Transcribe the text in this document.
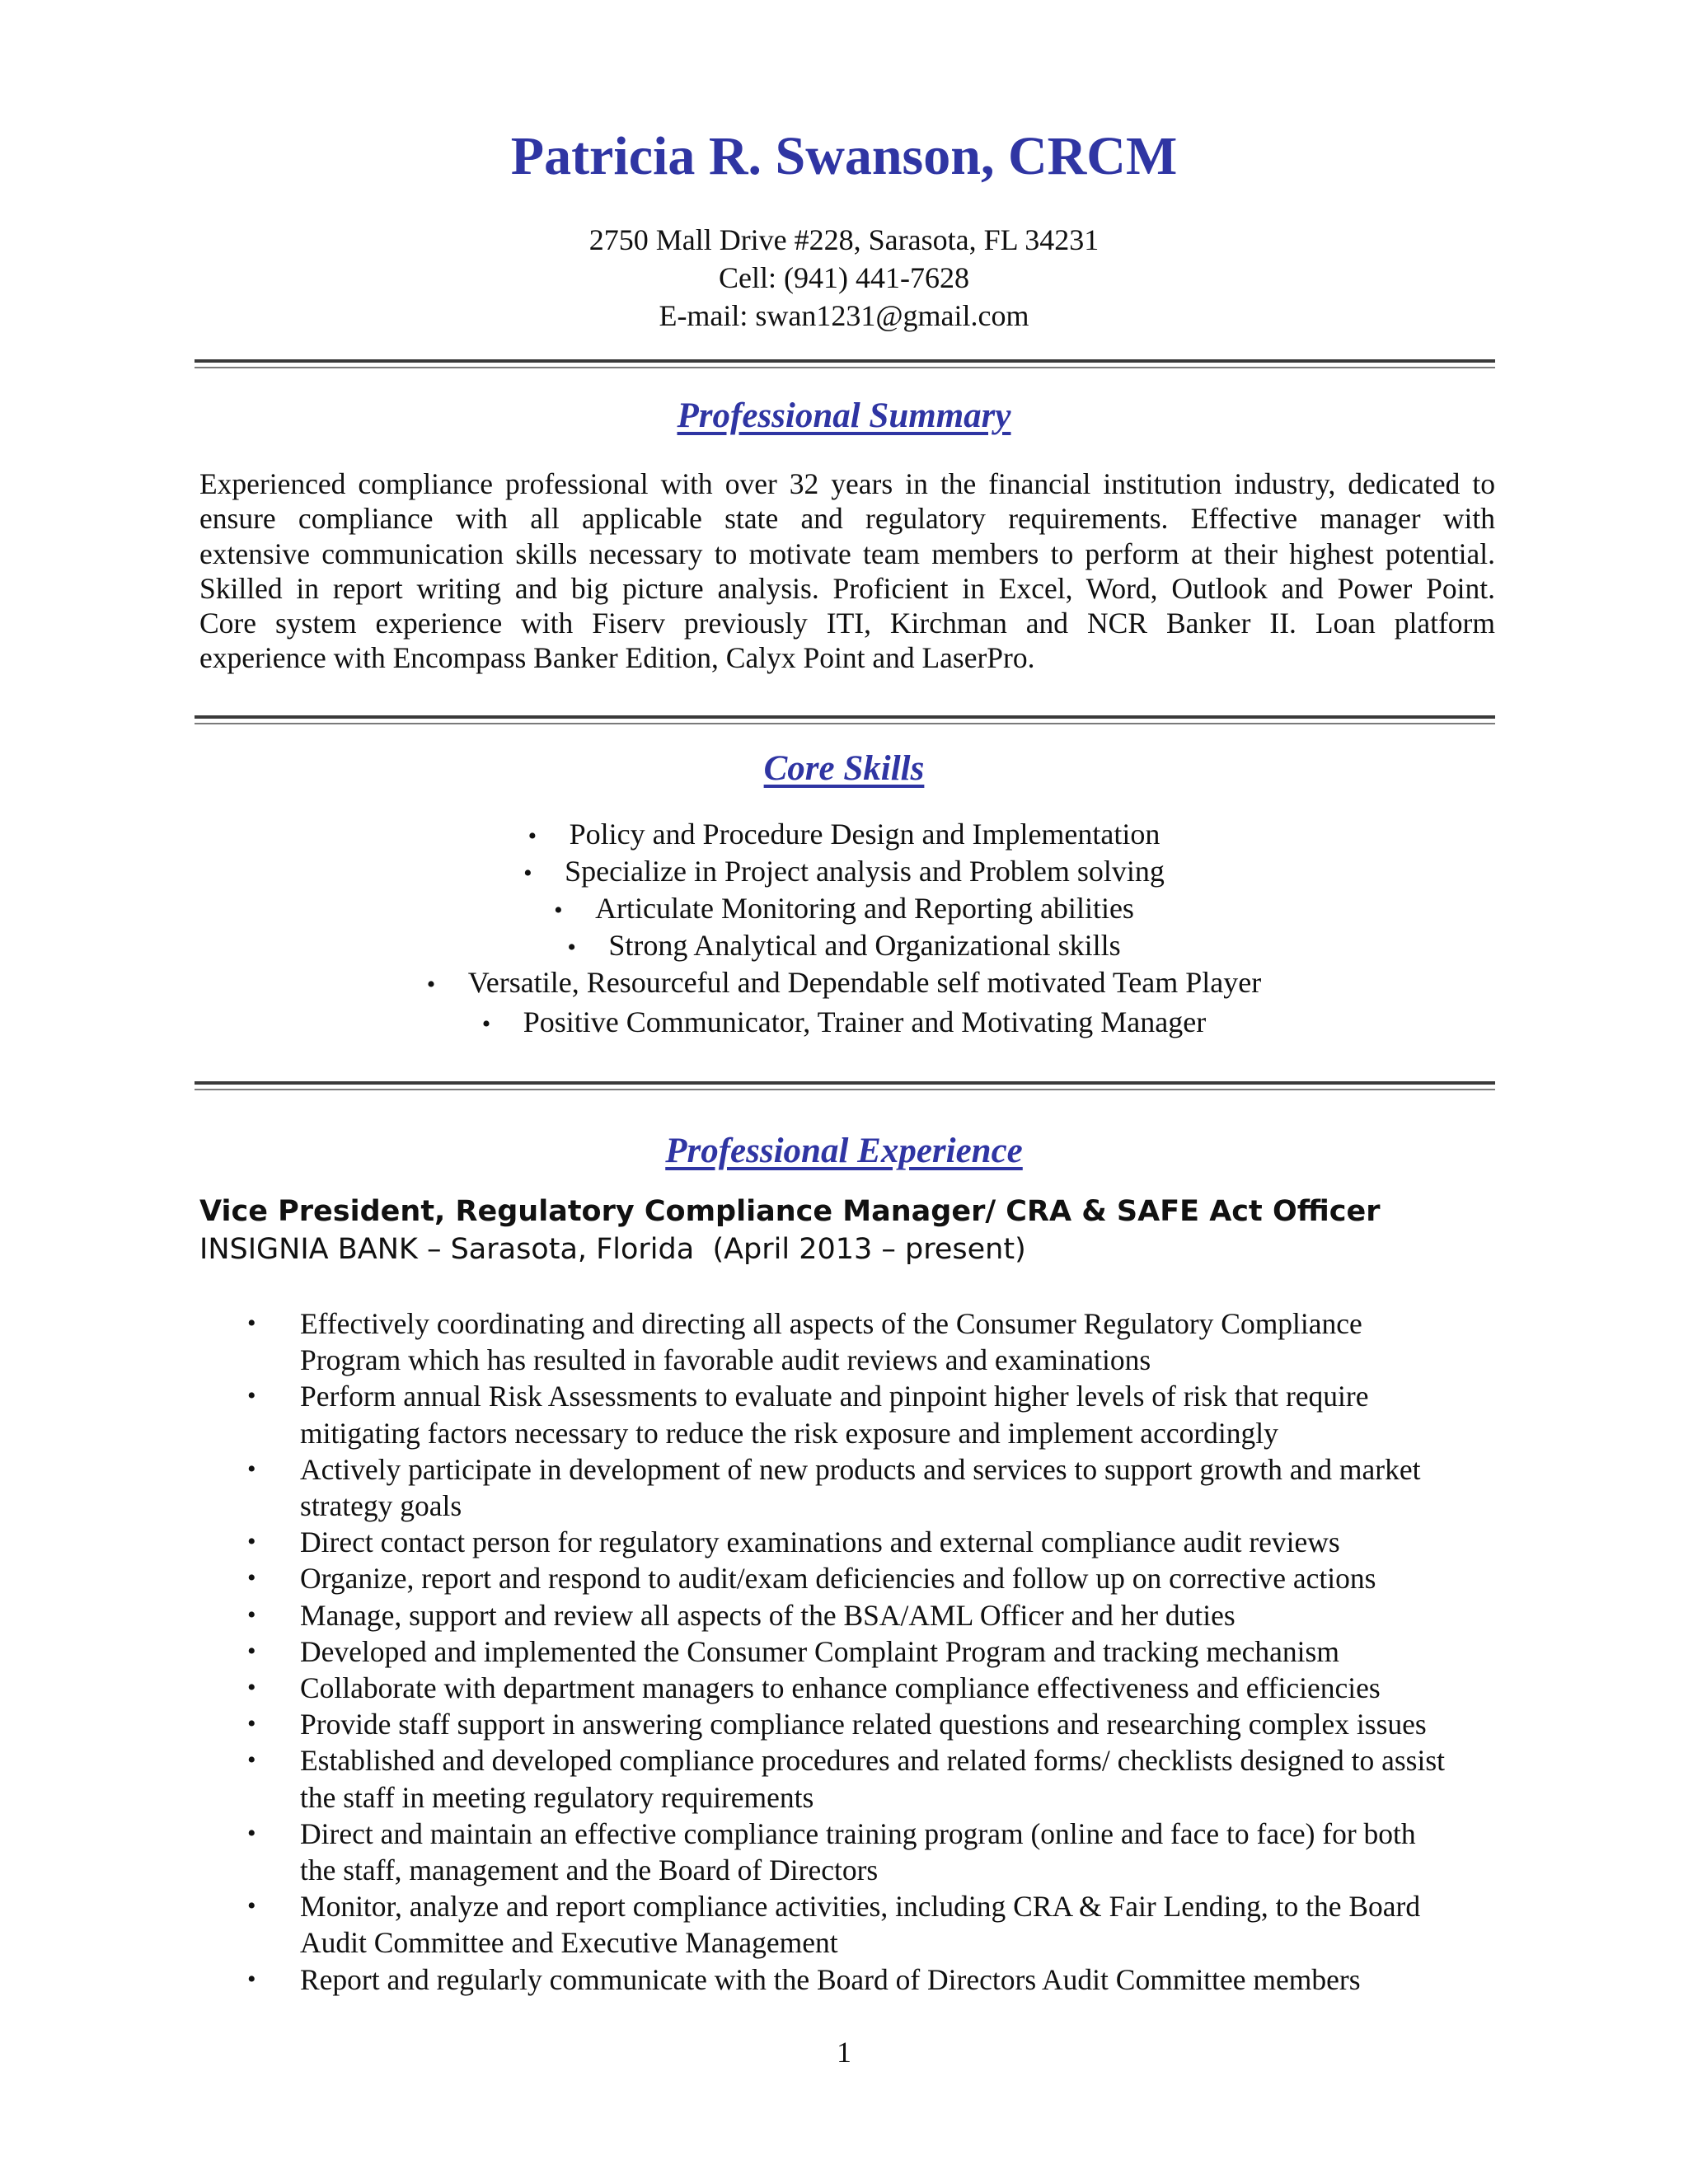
Patricia R. Swanson, CRCM
2750 Mall Drive #228, Sarasota, FL 34231
Cell: (941) 441-7628
E-mail: swan1231@gmail.com
Professional Summary
Experienced compliance professional with over 32 years in the financial institution industry, dedicated to
ensure compliance with all applicable state and regulatory requirements. Effective manager with
extensive communication skills necessary to motivate team members to perform at their highest potential.
Skilled in report writing and big picture analysis. Proficient in Excel, Word, Outlook and Power Point.
Core system experience with Fiserv previously ITI, Kirchman and NCR Banker II. Loan platform
experience with Encompass Banker Edition, Calyx Point and LaserPro.
Core Skills
• Policy and Procedure Design and Implementation
• Specialize in Project analysis and Problem solving
• Articulate Monitoring and Reporting abilities
• Strong Analytical and Organizational skills
• Versatile, Resourceful and Dependable self motivated Team Player
• Positive Communicator, Trainer and Motivating Manager
Professional Experience
Vice President, Regulatory Compliance Manager/ CRA & SAFE Act Officer
INSIGNIA BANK – Sarasota, Florida  (April 2013 – present)
• Effectively coordinating and directing all aspects of the Consumer Regulatory Compliance
Program which has resulted in favorable audit reviews and examinations
• Perform annual Risk Assessments to evaluate and pinpoint higher levels of risk that require
mitigating factors necessary to reduce the risk exposure and implement accordingly
• Actively participate in development of new products and services to support growth and market
strategy goals
• Direct contact person for regulatory examinations and external compliance audit reviews
• Organize, report and respond to audit/exam deficiencies and follow up on corrective actions
• Manage, support and review all aspects of the BSA/AML Officer and her duties
• Developed and implemented the Consumer Complaint Program and tracking mechanism
• Collaborate with department managers to enhance compliance effectiveness and efficiencies
• Provide staff support in answering compliance related questions and researching complex issues
• Established and developed compliance procedures and related forms/ checklists designed to assist
the staff in meeting regulatory requirements
• Direct and maintain an effective compliance training program (online and face to face) for both
the staff, management and the Board of Directors
• Monitor, analyze and report compliance activities, including CRA & Fair Lending, to the Board
Audit Committee and Executive Management
• Report and regularly communicate with the Board of Directors Audit Committee members
1
